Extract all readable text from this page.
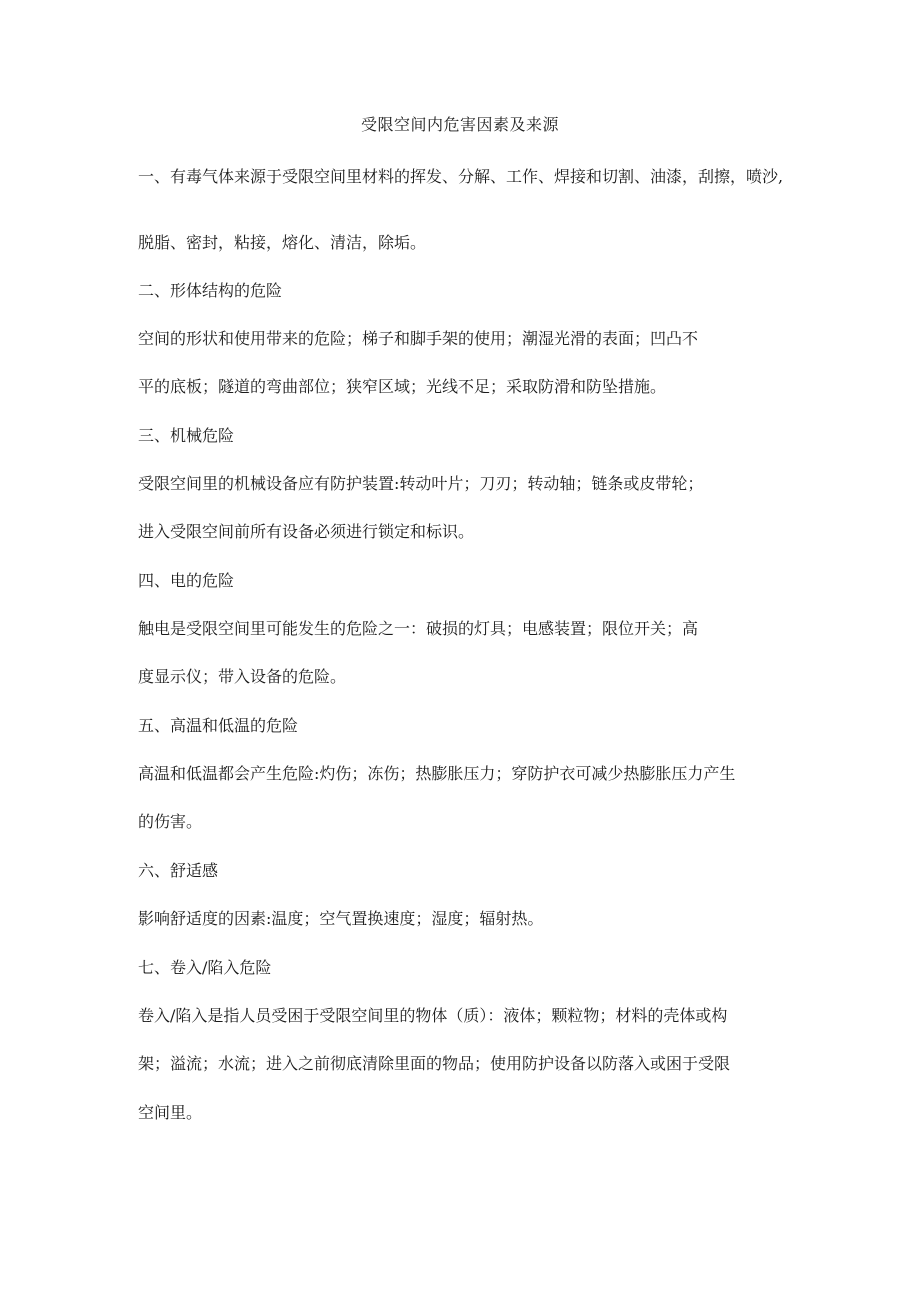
受限空间内危害因素及来源
一、有毒气体来源于受限空间里材料的挥发、分解、工作、焊接和切割、油漆，刮擦，喷沙,
脱脂、密封，粘接，熔化、清洁，除垢。
二、形体结构的危险
空间的形状和使用带来的危险；梯子和脚手架的使用；潮湿光滑的表面；凹凸不
平的底板；隧道的弯曲部位；狭窄区域；光线不足；采取防滑和防坠措施。
三、机械危险
受限空间里的机械设备应有防护装置:转动叶片；刀刃；转动轴；链条或皮带轮；
进入受限空间前所有设备必须进行锁定和标识。
四、电的危险
触电是受限空间里可能发生的危险之一：破损的灯具；电感装置；限位开关；高
度显示仪；带入设备的危险。
五、高温和低温的危险
高温和低温都会产生危险:灼伤；冻伤；热膨胀压力；穿防护衣可减少热膨胀压力产生
的伤害。
六、舒适感
影响舒适度的因素:温度；空气置换速度；湿度；辐射热。
七、卷入/陷入危险
卷入/陷入是指人员受困于受限空间里的物体（质）：液体；颗粒物；材料的壳体或构
架；溢流；水流；进入之前彻底清除里面的物品；使用防护设备以防落入或困于受限
空间里。
